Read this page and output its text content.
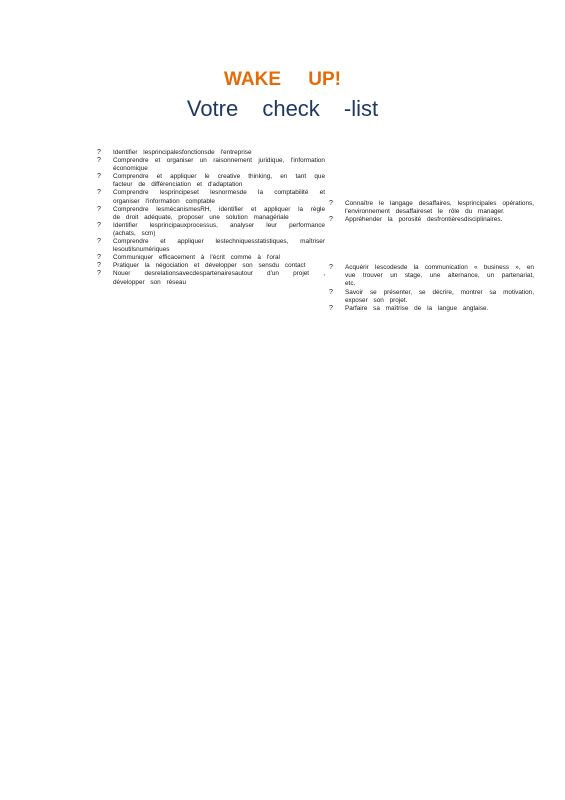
WAKE UP!
Votre check -list
?	Identifier lesprincipalesfonctionsde l'entreprise
?	Comprendre et organiser un raisonnement juridique, l'information économique
?	Comprendre et appliquer le creative thinking, en tant que facteur de différenciation et d'adaptation
?	Comprendre lesprincipeset lesnormesde la comptabilité et organiser l'information comptable
?	Comprendre lesmécanismesRH, identifier et appliquer la règle de droit adéquate, proposer une solution managériale
?	Identifier lesprincipauxprocessus, analyser leur performance (achats, scm)
?	Comprendre et appliquer lestechniquesstatistiques, maîtriser lesoutilsnumériques
?	Communiquer efficacement à l'écrit comme à l'oral
?	Pratiquer la négociation et développer son sensdu contact
?	Nouer desrelationsavecdespartenairesautour d'un projet , développer son réseau
?	Connaître le langage desaffaires, lesprincipales opérations, l'environnement desaffaireset le rôle du manager.
?	Appréhender la porosité desfrontièresdisciplinaires.
?	Acquérir lescodesde la communication « business », en vue trouver un stage, une alternance, un partenariat, etc.
?	Savoir se présenter, se décrire, montrer sa motivation, exposer son projet.
?	Parfaire sa maîtrise de la langue anglaise.
